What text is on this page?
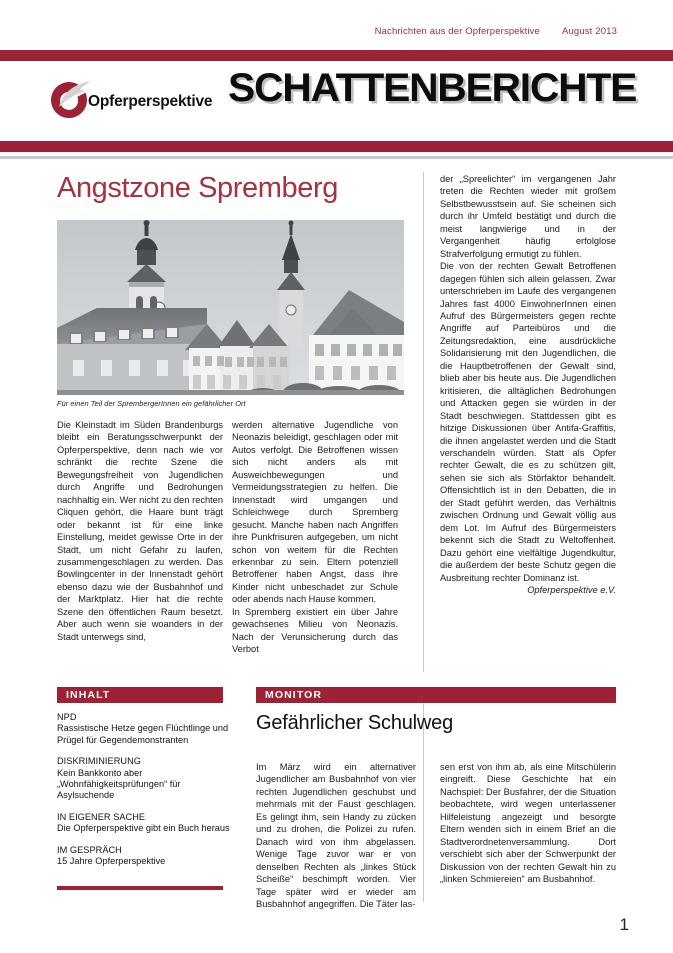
Nachrichten aus der Opferperspektive August 2013
Opferperspektive SCHATTENBERICHTE
Angstzone Spremberg
Für einen Teil der SprembergerInnen ein gefährlicher Ort

Die Kleinstadt im Süden Brandenburgs bleibt ein Beratungsschwerpunkt der Opferperspektive, denn nach wie vor schränkt die rechte Szene die Bewegungsfreiheit von Jugendlichen durch Angriffe und Bedrohungen nachhaltig ein. Wer nicht zu den rechten Cliquen gehört, die Haare bunt trägt oder bekannt ist für eine linke Einstellung, meidet gewisse Orte in der Stadt, um nicht Gefahr zu laufen, zusammengeschlagen zu werden. Das Bowlingcenter in der Innenstadt gehört ebenso dazu wie der Busbahnhof und der Marktplatz. Hier hat die rechte Szene den öffentlichen Raum besetzt. Aber auch wenn sie woanders in der Stadt unterwegs sind,

werden alternative Jugendliche von Neonazis beleidigt, geschlagen oder mit Autos verfolgt. Die Betroffenen wissen sich nicht anders als mit Ausweichbewegungen und Vermeidungsstrategien zu helfen. Die Innenstadt wird umgangen und Schleichwege durch Spremberg gesucht. Manche haben nach Angriffen ihre Punkfrisuren aufgegeben, um nicht schon von weitem für die Rechten erkennbar zu sein. Eltern potenziell Betroffener haben Angst, dass ihre Kinder nicht unbeschadet zur Schule oder abends nach Hause kommen.

In Spremberg existiert ein über Jahre gewachsenes Milieu von Neonazis. Nach der Verunsicherung durch das Verbot

der „Spreelichter“ im vergangenen Jahr treten die Rechten wieder mit großem Selbstbewusstsein auf. Sie scheinen sich durch ihr Umfeld bestätigt und durch die meist langwierige und in der Vergangenheit häufig erfolglose Strafverfolgung ermutigt zu fühlen.

Die von der rechten Gewalt Betroffenen dagegen fühlen sich allein gelassen. Zwar unterschrieben im Laufe des vergangenen Jahres fast 4000 EinwohnerInnen einen Aufruf des Bürgermeisters gegen rechte Angriffe auf Parteibüros und die Zeitungsredaktion, eine ausdrückliche Solidarisierung mit den Jugendlichen, die die Hauptbetroffenen der Gewalt sind, blieb aber bis heute aus. Die Jugendlichen kritisieren, die alltäglichen Bedrohungen und Attacken gegen sie würden in der Stadt beschwiegen. Stattdessen gibt es hitzige Diskussionen über Antifa-Graffitis, die ihnen angelastet werden und die Stadt verschandeln würden. Statt als Opfer rechter Gewalt, die es zu schützen gilt, sehen sie sich als Störfaktor behandelt. Offensichtlich ist in den Debatten, die in der Stadt geführt werden, das Verhältnis zwischen Ordnung und Gewalt völlig aus dem Lot. Im Aufruf des Bürgermeisters bekennt sich die Stadt zu Weltoffenheit. Dazu gehört eine vielfältige Jugendkultur, die außerdem der beste Schutz gegen die Ausbreitung rechter Dominanz ist.

Opferperspektive e.V.

INHALT
NPD
Rassistische Hetze gegen Flüchtlinge und Prügel für Gegendemonstranten
DISKRIMINIERUNG
Kein Bankkonto aber „Wohnfähigkeitsprüfungen“ für Asylsuchende
IN EIGENER SACHE
Die Opferperspektive gibt ein Buch heraus
IM GESPRÄCH
15 Jahre Opferperspektive
MONITOR
Gefährlicher Schulweg

Im März wird ein alternativer Jugendlicher am Busbahnhof von vier rechten Jugendlichen geschubst und mehrmals mit der Faust geschlagen. Es gelingt ihm, sein Handy zu zücken und zu drohen, die Polizei zu rufen. Danach wird von ihm abgelassen. Wenige Tage zuvor war er von denselben Rechten als „linkes Stück Scheiße“ beschimpft worden. Vier Tage später wird er wieder am Busbahnhof angegriffen. Die Täter las-

sen erst von ihm ab, als eine Mitschülerin eingreift. Diese Geschichte hat ein Nachspiel: Der Busfahrer, der die Situation beobachtete, wird wegen unterlassener Hilfeleistung angezeigt und besorgte Eltern wenden sich in einem Brief an die Stadtverordnetenversammlung. Dort verschiebt sich aber der Schwerpunkt der Diskussion von der rechten Gewalt hin zu „linken Schmiereien“ am Busbahnhof.

1
